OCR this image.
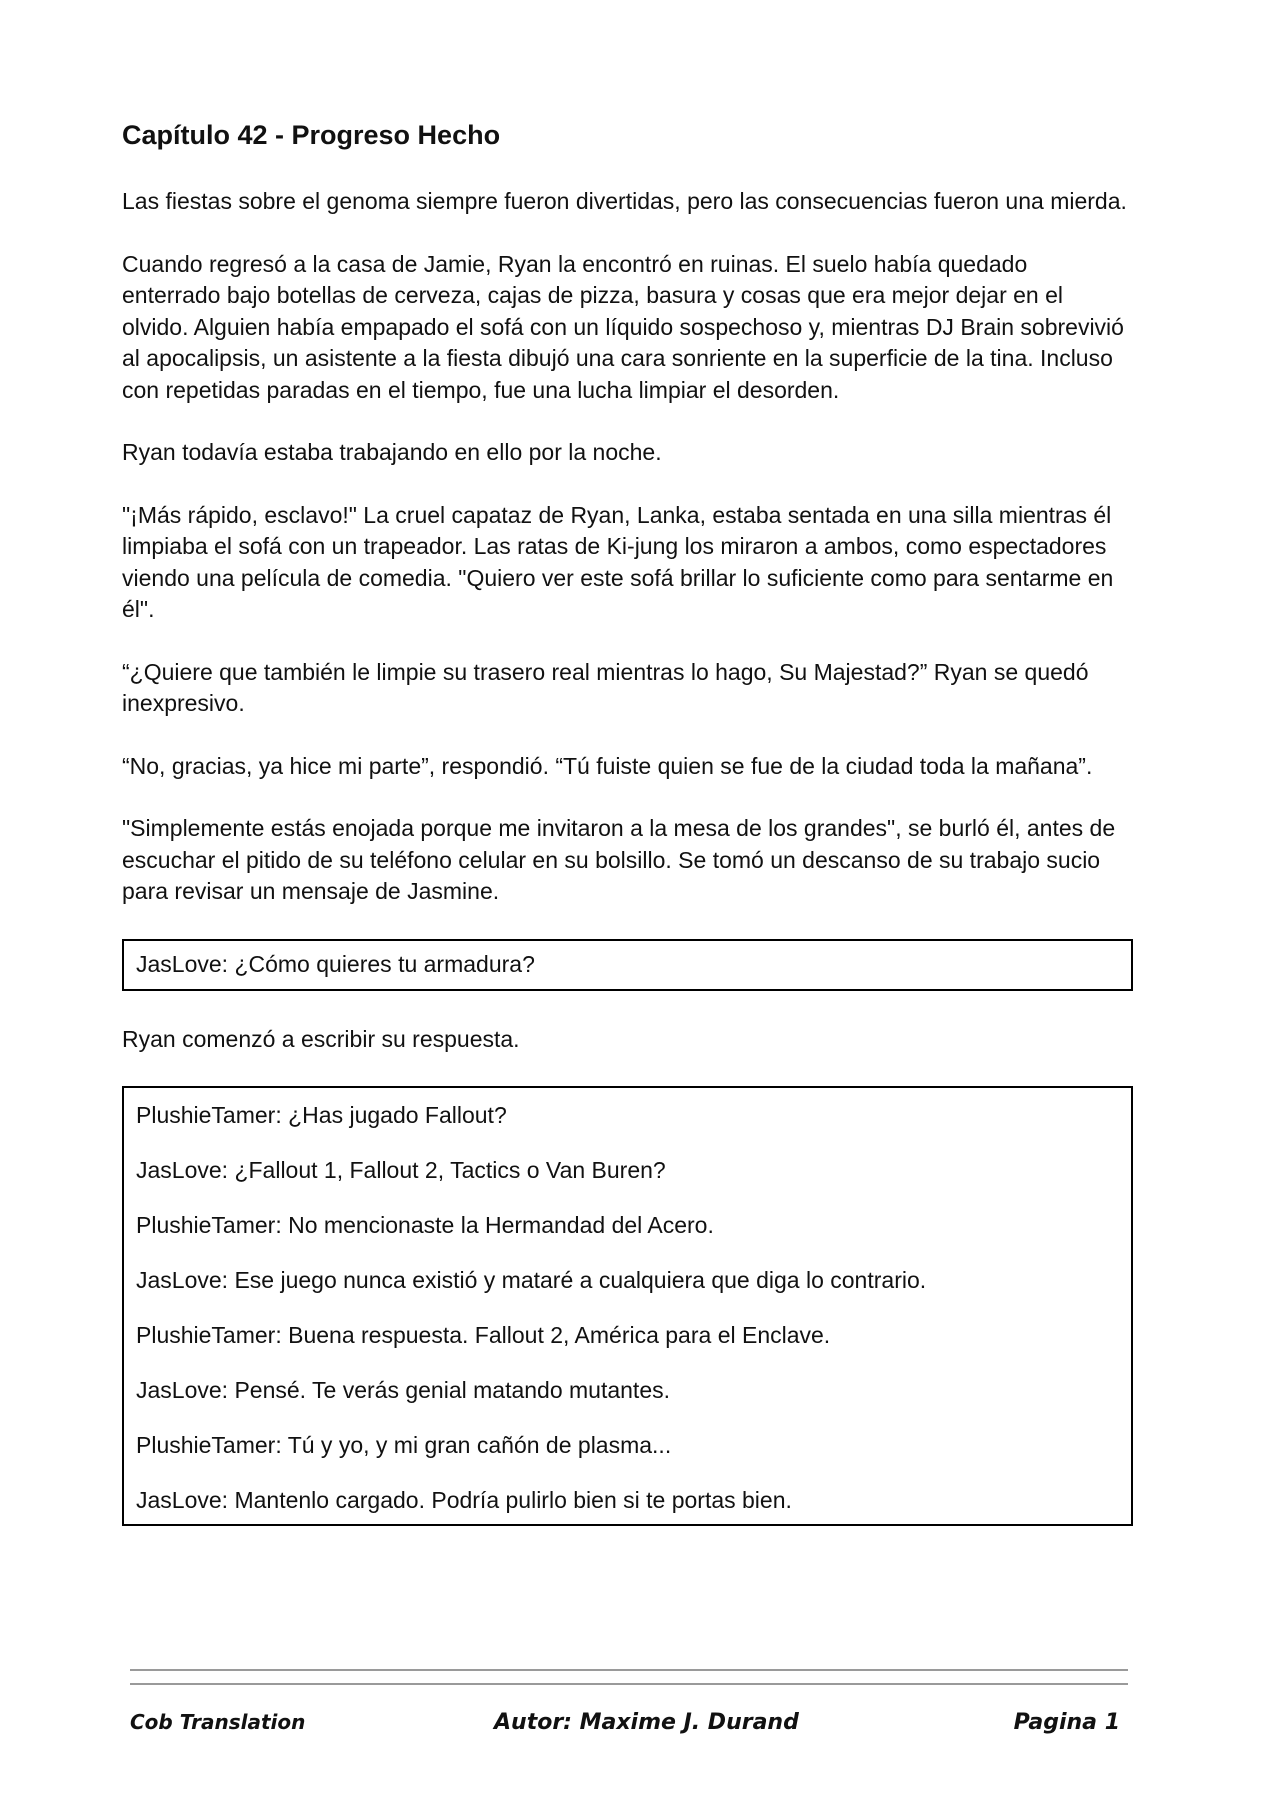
Capítulo 42 - Progreso Hecho

Las fiestas sobre el genoma siempre fueron divertidas, pero las consecuencias fueron una mierda.

Cuando regresó a la casa de Jamie, Ryan la encontró en ruinas. El suelo había quedado enterrado bajo botellas de cerveza, cajas de pizza, basura y cosas que era mejor dejar en el olvido. Alguien había empapado el sofá con un líquido sospechoso y, mientras DJ Brain sobrevivió al apocalipsis, un asistente a la fiesta dibujó una cara sonriente en la superficie de la tina. Incluso con repetidas paradas en el tiempo, fue una lucha limpiar el desorden.

Ryan todavía estaba trabajando en ello por la noche.

"¡Más rápido, esclavo!" La cruel capataz de Ryan, Lanka, estaba sentada en una silla mientras él limpiaba el sofá con un trapeador. Las ratas de Ki-jung los miraron a ambos, como espectadores viendo una película de comedia. "Quiero ver este sofá brillar lo suficiente como para sentarme en él".

“¿Quiere que también le limpie su trasero real mientras lo hago, Su Majestad?” Ryan se quedó inexpresivo.

“No, gracias, ya hice mi parte”, respondió. “Tú fuiste quien se fue de la ciudad toda la mañana”.

"Simplemente estás enojada porque me invitaron a la mesa de los grandes", se burló él, antes de escuchar el pitido de su teléfono celular en su bolsillo. Se tomó un descanso de su trabajo sucio para revisar un mensaje de Jasmine.

JasLove: ¿Cómo quieres tu armadura?

Ryan comenzó a escribir su respuesta.

PlushieTamer: ¿Has jugado Fallout?

JasLove: ¿Fallout 1, Fallout 2, Tactics o Van Buren?

PlushieTamer: No mencionaste la Hermandad del Acero.

JasLove: Ese juego nunca existió y mataré a cualquiera que diga lo contrario.

PlushieTamer: Buena respuesta. Fallout 2, América para el Enclave.

JasLove: Pensé. Te verás genial matando mutantes.

PlushieTamer: Tú y yo, y mi gran cañón de plasma...

JasLove: Mantenlo cargado. Podría pulirlo bien si te portas bien.

Cob Translation	Autor: Maxime J. Durand	Pagina 1
